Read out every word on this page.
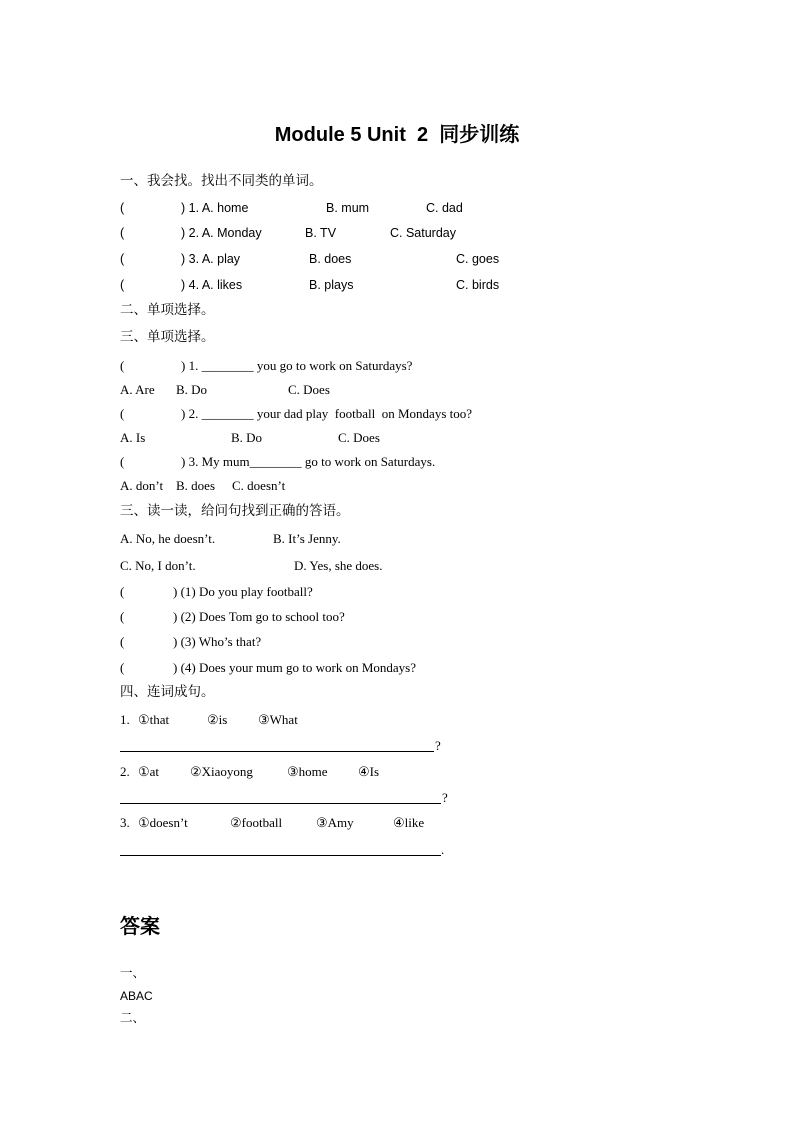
Module 5 Unit  2  同步训练
一、我会找。找出不同类的单词。
(	) 1. A. home	B. mum	C. dad
(	) 2. A. Monday	B. TV	C. Saturday
(	) 3. A. play	B. does	C. goes
(	) 4. A. likes	B. plays	C. birds
二、单项选择。
三、单项选择。
(	) 1. ________ you go to work on Saturdays?
A. Are B. Do	C. Does
(	) 2. ________ your dad play  football  on Mondays too?
A. Is	B. Do	C. Does
(	) 3. My mum________ go to work on Saturdays.
A. don’t B. does C. doesn’t
三、读一读，给问句找到正确的答语。
A. No, he doesn’t.	B. It’s Jenny.
C. No, I don’t.	D. Yes, she does.
(	) (1) Do you play football?
(	) (2) Does Tom go to school too?
(	) (3) Who’s that?
(	) (4) Does your mum go to work on Mondays?
四、连词成句。
1. ①that	②is ③What
?
2. ①at ②Xiaoyong	③home ④Is
?
3. ①doesn’t	②football	③Amy	④like
.
答案
一、
ABAC
二、
